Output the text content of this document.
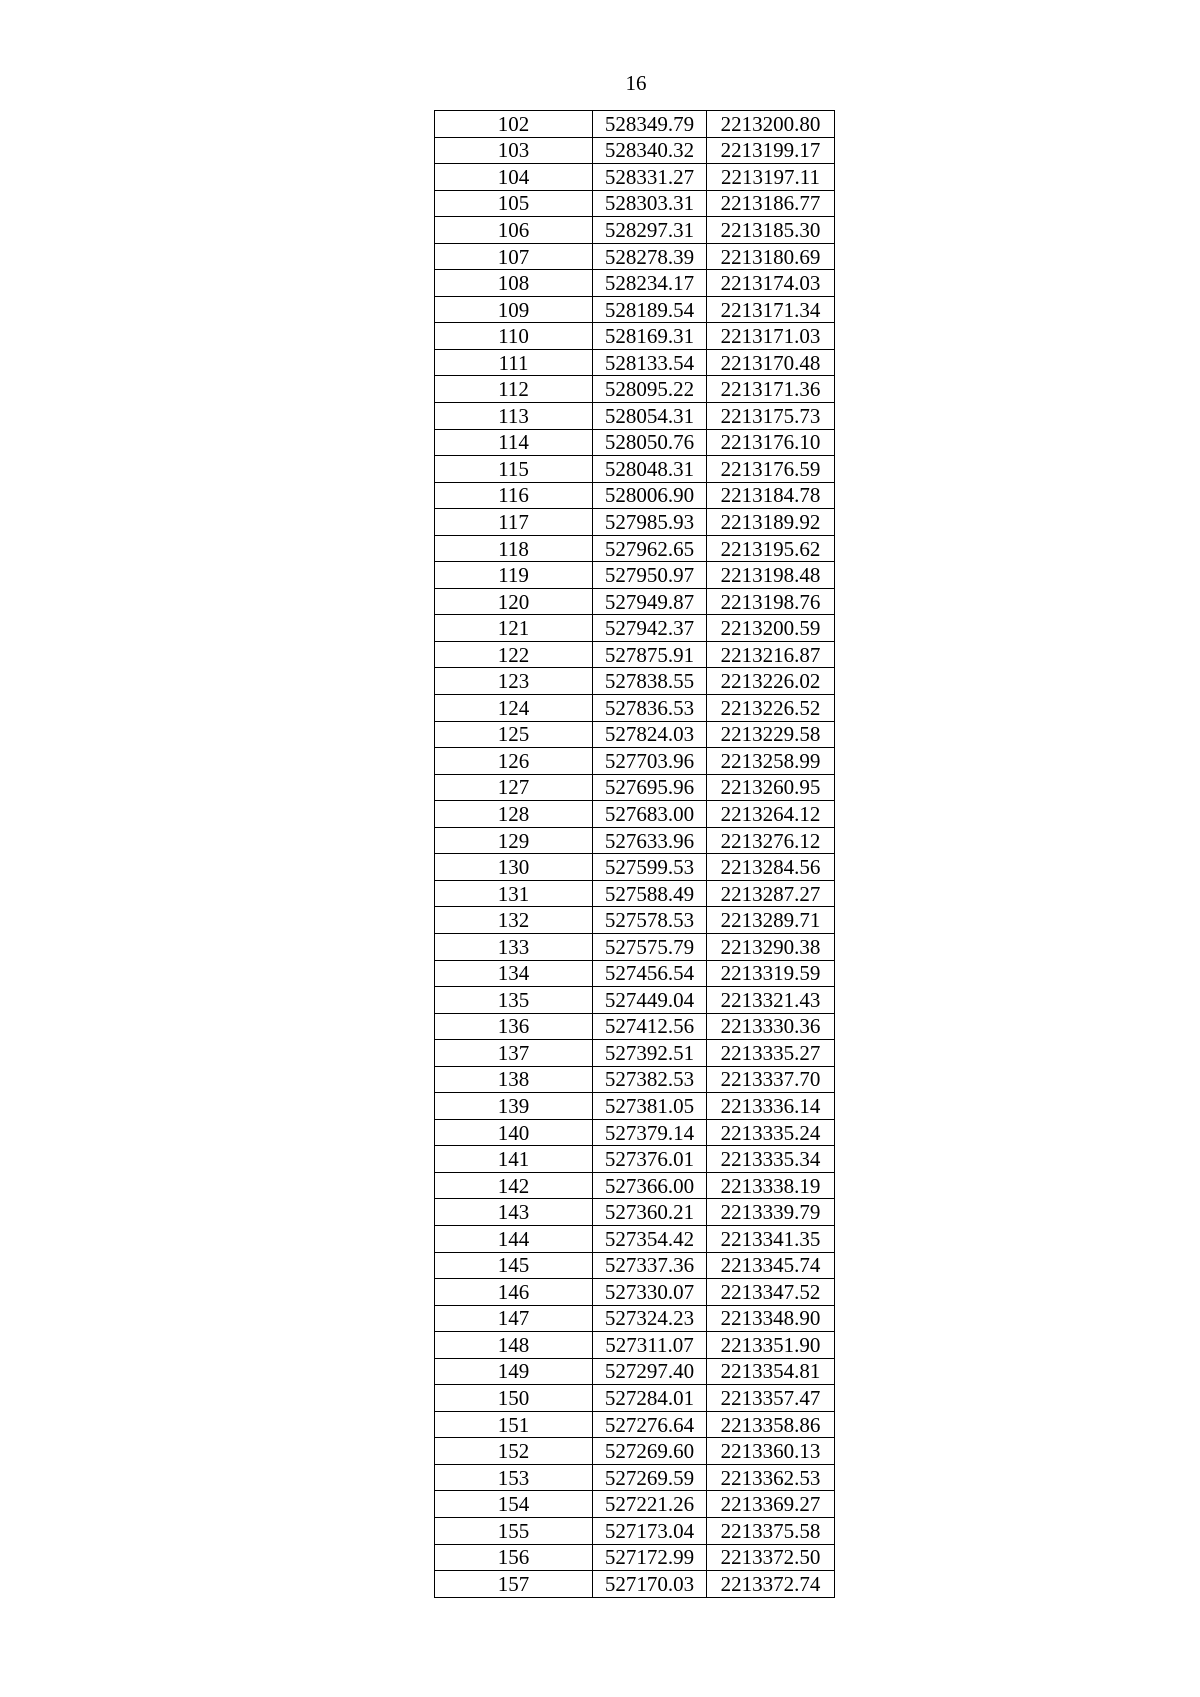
16
102	528349.79	2213200.80
103	528340.32	2213199.17
104	528331.27	2213197.11
105	528303.31	2213186.77
106	528297.31	2213185.30
107	528278.39	2213180.69
108	528234.17	2213174.03
109	528189.54	2213171.34
110	528169.31	2213171.03
111	528133.54	2213170.48
112	528095.22	2213171.36
113	528054.31	2213175.73
114	528050.76	2213176.10
115	528048.31	2213176.59
116	528006.90	2213184.78
117	527985.93	2213189.92
118	527962.65	2213195.62
119	527950.97	2213198.48
120	527949.87	2213198.76
121	527942.37	2213200.59
122	527875.91	2213216.87
123	527838.55	2213226.02
124	527836.53	2213226.52
125	527824.03	2213229.58
126	527703.96	2213258.99
127	527695.96	2213260.95
128	527683.00	2213264.12
129	527633.96	2213276.12
130	527599.53	2213284.56
131	527588.49	2213287.27
132	527578.53	2213289.71
133	527575.79	2213290.38
134	527456.54	2213319.59
135	527449.04	2213321.43
136	527412.56	2213330.36
137	527392.51	2213335.27
138	527382.53	2213337.70
139	527381.05	2213336.14
140	527379.14	2213335.24
141	527376.01	2213335.34
142	527366.00	2213338.19
143	527360.21	2213339.79
144	527354.42	2213341.35
145	527337.36	2213345.74
146	527330.07	2213347.52
147	527324.23	2213348.90
148	527311.07	2213351.90
149	527297.40	2213354.81
150	527284.01	2213357.47
151	527276.64	2213358.86
152	527269.60	2213360.13
153	527269.59	2213362.53
154	527221.26	2213369.27
155	527173.04	2213375.58
156	527172.99	2213372.50
157	527170.03	2213372.74
